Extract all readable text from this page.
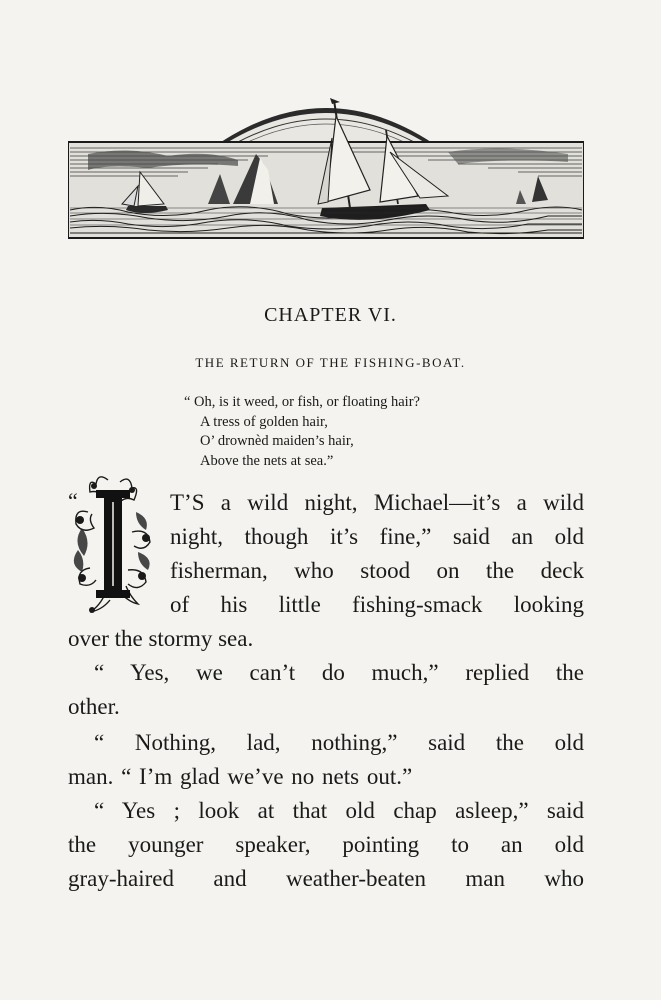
CHAPTER VI.
THE RETURN OF THE FISHING-BOAT.
“ Oh, is it weed, or fish, or floating hair?
A tress of golden hair,
O’ drownèd maiden’s hair,
Above the nets at sea.”
“	T’S a wild night, Michael—it’s a wild
night, though it’s fine,” said an old
fisherman, who stood on the deck
of his little fishing-smack looking
over the stormy sea.
“ Yes, we can’t do much,” replied the
other.
“ Nothing, lad, nothing,” said the old
man. “ I’m glad we’ve no nets out.”
“ Yes ; look at that old chap asleep,” said
the younger speaker, pointing to an old
gray-haired and weather-beaten man who
